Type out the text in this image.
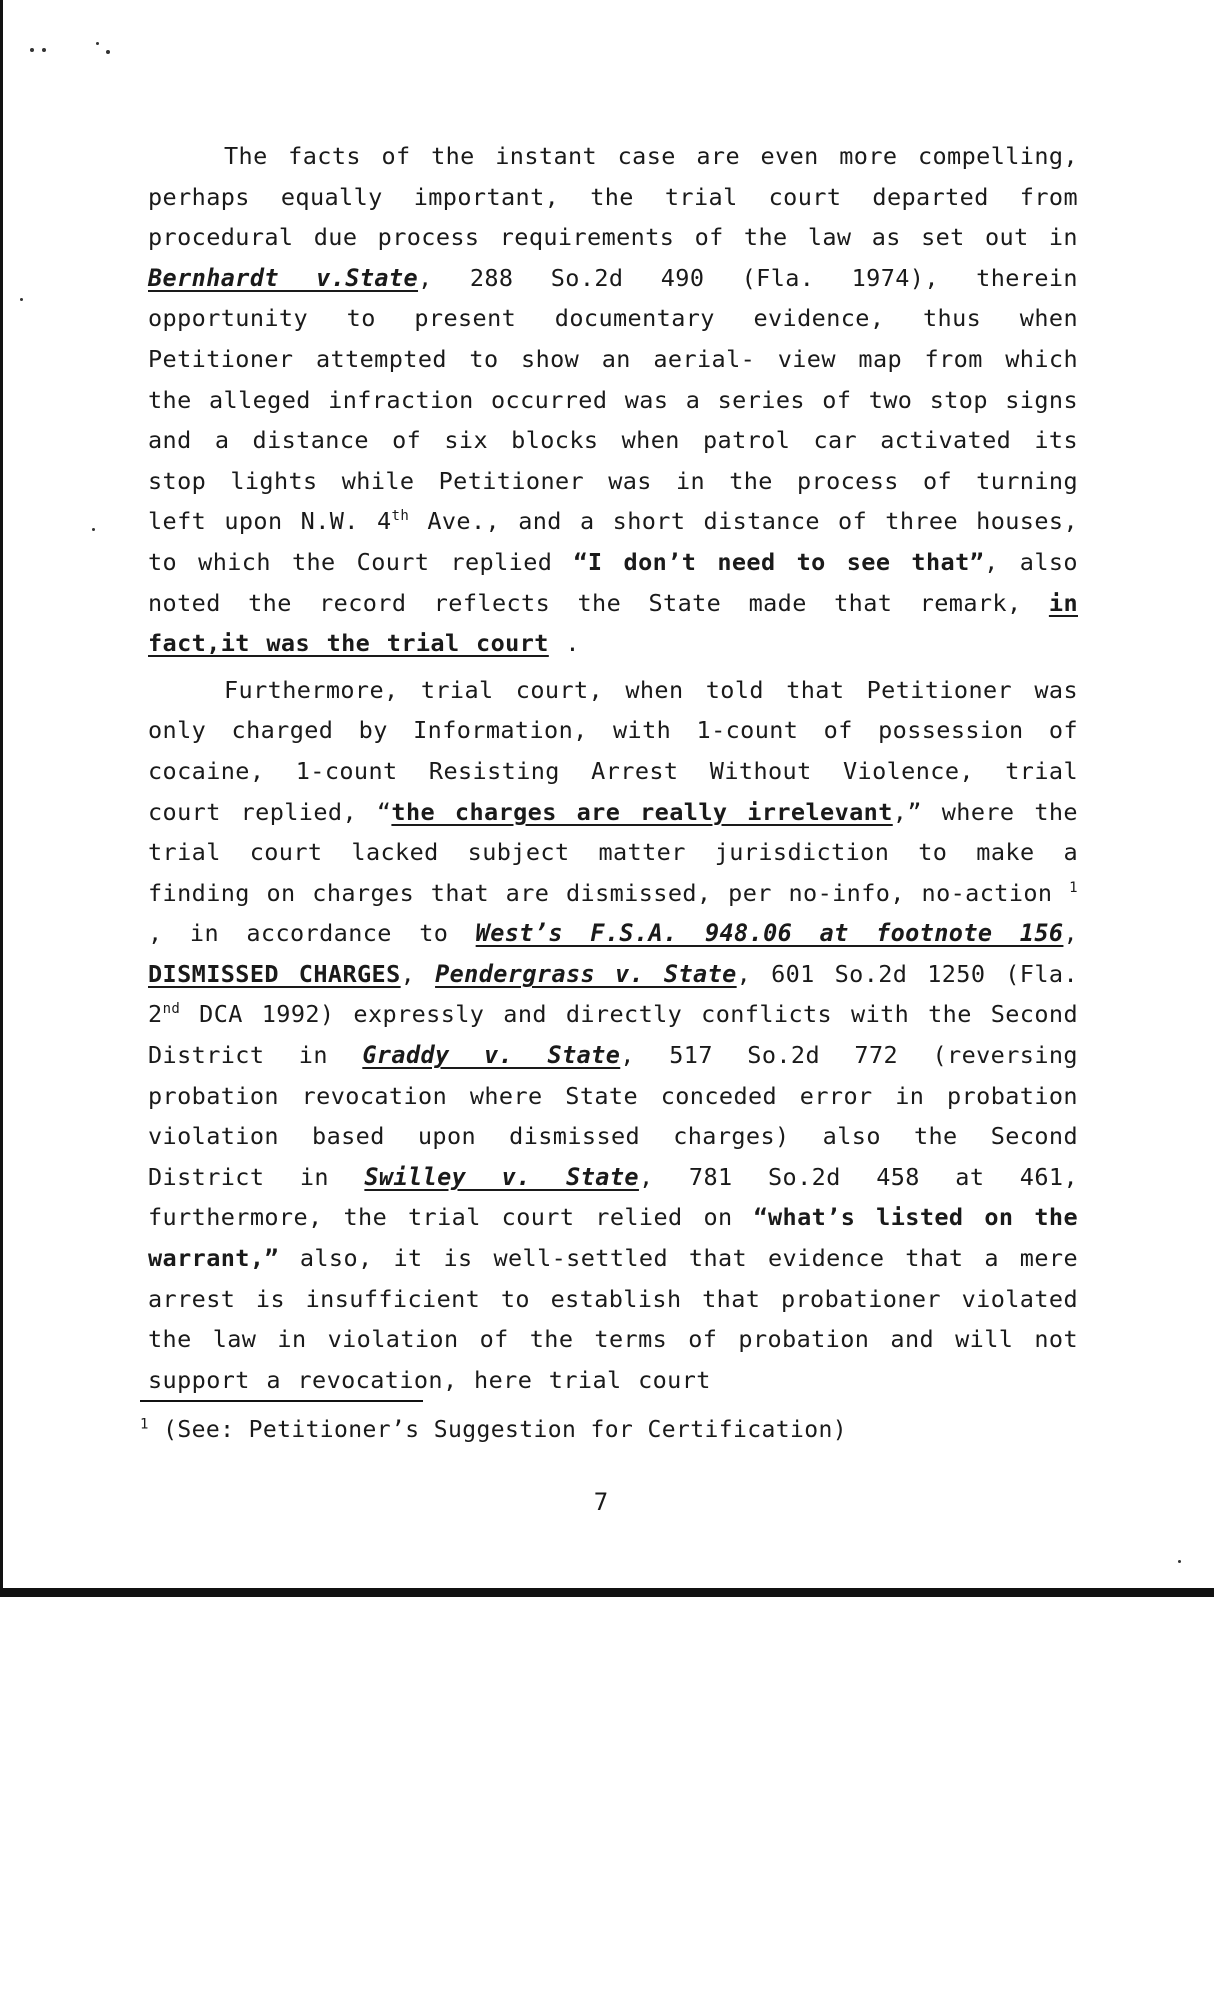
The facts of the instant case are even more compelling, perhaps equally important, the trial court departed from procedural due process requirements of the law as set out in Bernhardt v.State, 288 So.2d 490 (Fla. 1974), therein opportunity to present documentary evidence, thus when Petitioner attempted to show an aerial- view map from which the alleged infraction occurred was a series of two stop signs and a distance of six blocks when patrol car activated its stop lights while Petitioner was in the process of turning left upon N.W. 4th Ave., and a short distance of three houses, to which the Court replied “I don’t need to see that”, also noted the record reflects the State made that remark, in fact,it was the trial court .

Furthermore, trial court, when told that Petitioner was only charged by Information, with 1-count of possession of cocaine, 1-count Resisting Arrest Without Violence, trial court replied, “the charges are really irrelevant,” where the trial court lacked subject matter jurisdiction to make a finding on charges that are dismissed, per no-info, no-action $^1$ , in accordance to West’s F.S.A. 948.06 at footnote 156, DISMISSED CHARGES, Pendergrass v. State, 601 So.2d 1250 (Fla. 2nd DCA 1992) expressly and directly conflicts with the Second District in Graddy v. State, 517 So.2d 772 (reversing probation revocation where State conceded error in probation violation based upon dismissed charges) also the Second District in Swilley v. State, 781 So.2d 458 at 461, furthermore, the trial court relied on “what’s listed on the warrant,” also, it is well-settled that evidence that a mere arrest is insufficient to establish that probationer violated the law in violation of the terms of probation and will not support a revocation, here trial court

$^1$ (See: Petitioner’s Suggestion for Certification)
7
